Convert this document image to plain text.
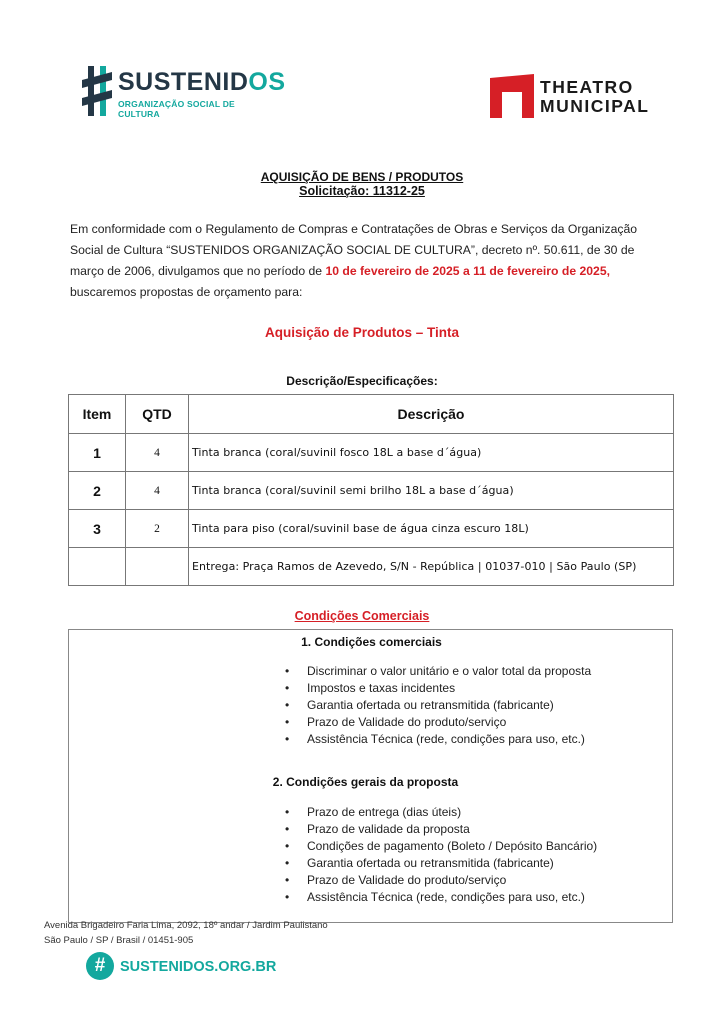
SUSTENIDOS
ORGANIZAÇÃO SOCIAL DE CULTURA
THEATRO
MUNICIPAL
AQUISIÇÃO DE BENS / PRODUTOS
Solicitação: 11312-25
Em conformidade com o Regulamento de Compras e Contratações de Obras e Serviços da Organização Social de Cultura “SUSTENIDOS ORGANIZAÇÃO SOCIAL DE CULTURA”, decreto nº. 50.611, de 30 de março de 2006, divulgamos que no período de 10 de fevereiro de 2025 a 11 de fevereiro de 2025, buscaremos propostas de orçamento para:
Aquisição de Produtos – Tinta
Descrição/Especificações:
Item	QTD	Descrição
1	4	Tinta branca (coral/suvinil fosco 18L a base d´água)
2	4	Tinta branca (coral/suvinil semi brilho 18L a base d´água)
3	2	Tinta para piso (coral/suvinil base de água cinza escuro 18L)
		Entrega: Praça Ramos de Azevedo, S/N - República | 01037-010 | São Paulo (SP)
Condições Comerciais
1. Condições comerciais
• Discriminar o valor unitário e o valor total da proposta
• Impostos e taxas incidentes
• Garantia ofertada ou retransmitida (fabricante)
• Prazo de Validade do produto/serviço
• Assistência Técnica (rede, condições para uso, etc.)
2. Condições gerais da proposta
• Prazo de entrega (dias úteis)
• Prazo de validade da proposta
• Condições de pagamento (Boleto / Depósito Bancário)
• Garantia ofertada ou retransmitida (fabricante)
• Prazo de Validade do produto/serviço
• Assistência Técnica (rede, condições para uso, etc.)
Avenida Brigadeiro Faria Lima, 2092, 18º andar / Jardim Paulistano
São Paulo / SP / Brasil / 01451-905
#	SUSTENIDOS.ORG.BR
